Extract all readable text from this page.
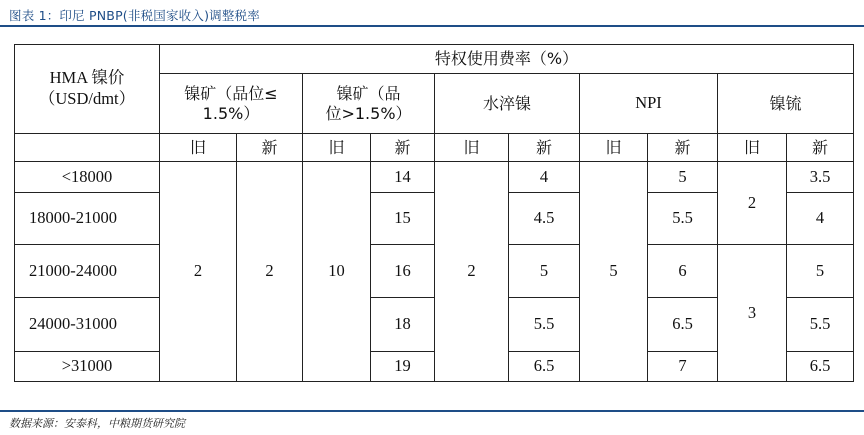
图表 1：印尼 PNBP(非税国家收入)调整税率
HMA 镍价
（USD/dmt）	特权使用费率（%）									
	镍矿（品位≤
1.5%）		镍矿（品
位>1.5%）		水淬镍		NPI		镍锍	
	旧	新	旧	新	旧	新	旧	新	旧	新
<18000	2	2	10	14	2	4	5	5	2	3.5
18000-21000				15		4.5		5.5		4
21000-24000				16		5		6	3	5
24000-31000				18		5.5		6.5		5.5
>31000				19		6.5		7		6.5
数据来源：安泰科，中粮期货研究院
